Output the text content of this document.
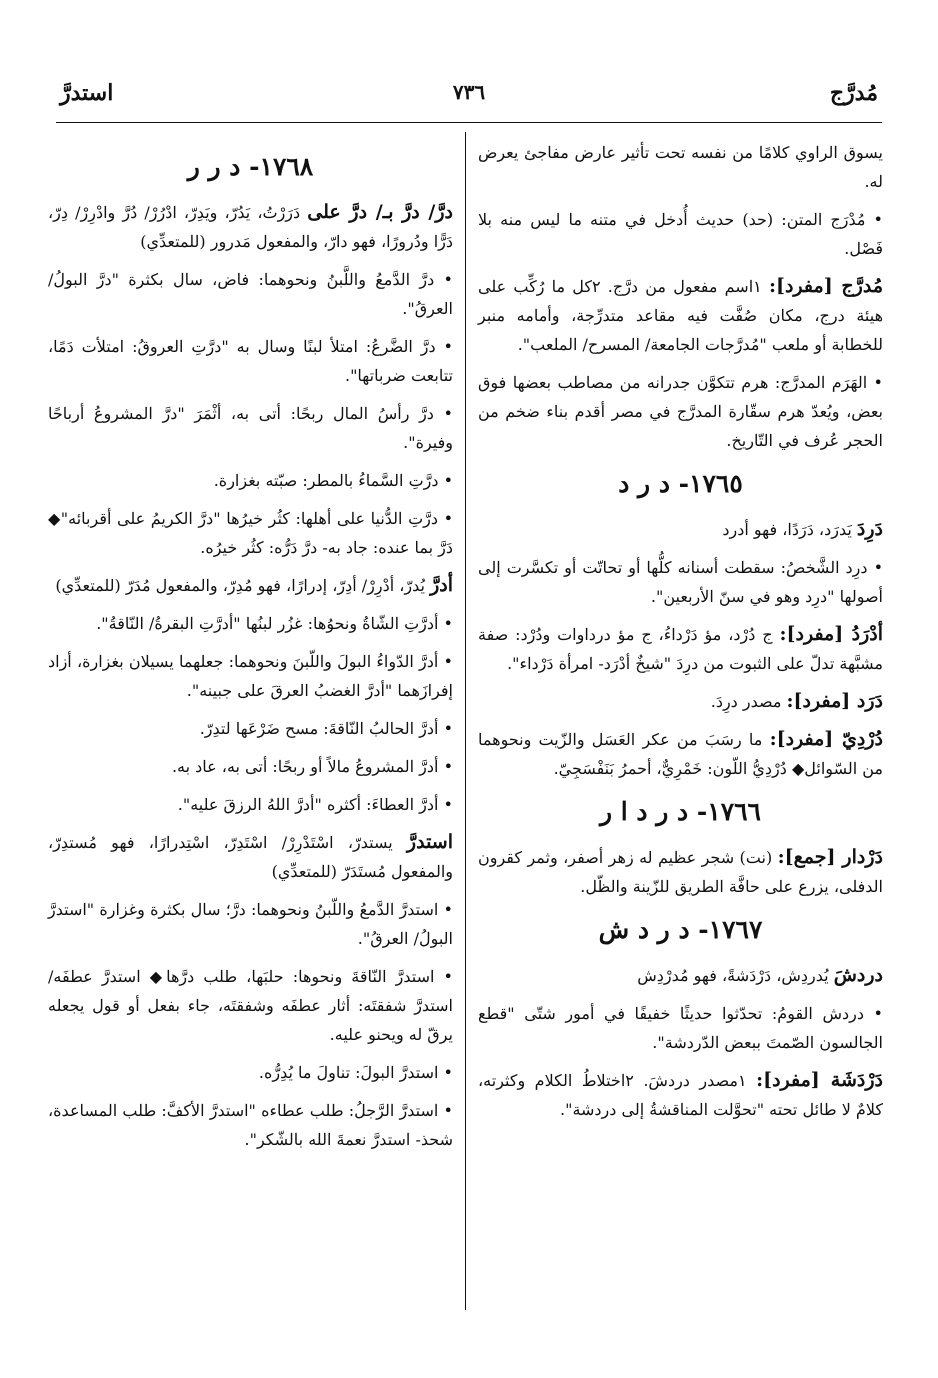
مُدرَّج
٧٣٦
استدرَّ
يسوق الراوي كلامًا من نفسه تحت تأثير عارض مفاجئ يعرض له.
• مُدْرَج المتن: (حد) حديث أُدخل في متنه ما ليس منه بلا فَصْل.
مُدرَّج [مفرد]: ١اسم مفعول من درَّج. ٢كل ما رُكِّب على هيئة درج، مكان صُفَّت فيه مقاعد متدرِّجة، وأمامه منبر للخطابة أو ملعب "مُدرَّجات الجامعة/ المسرح/ الملعب".
• الهَرَم المدرَّج: هرم تتكوَّن جدرانه من مصاطب بعضها فوق بعض، ويُعدّ هرم سقّارة المدرَّج في مصر أقدم بناء ضخم من الحجر عُرف في التّاريخ.
١٧٦٥- د ر د
دَرِدَ يَدرَد، دَرَدًا، فهو أدرد
• درِد الشَّخصُ: سقطت أسنانه كلُّها أو تحاتّت أو تكسَّرت إلى أصولها "درِد وهو في سنّ الأربعين".
أدْرَدُ [مفرد]: ج دُرْد، مؤ دَرْداءُ، ج مؤ درداوات ودُرْد: صفة مشبَّهة تدلّ على الثبوت من درِدَ "شيخٌ أدْرَد- امرأة دَرْداء".
دَرَد [مفرد]: مصدر درِدَ.
دُرْدِيّ [مفرد]: ما رسَبَ من عكر العَسَل والزّيت ونحوهما من السّوائل◆ دُرْدِيُّ اللّون: خَمْرِيٌّ، أحمرُ بَنَفْسَجِيّ.
١٧٦٦- د ر د ا ر
دَرْدار [جمع]: (نت) شجر عظيم له زهر أصفر، وثمر كقرون الدفلى، يزرع على حافَّة الطريق للزّينة والظّل.
١٧٦٧- د ر د ش
دردشَ يُدردِش، دَرْدَشةً، فهو مُدرْدِش
• دردش القومُ: تحدّثوا حديثًا خفيفًا في أمور شتّى "قطع الجالسون الصّمتَ ببعض الدّردشة".
دَرْدَشَة [مفرد]: ١مصدر دردشَ. ٢اختلاطُ الكلام وكثرته، كلامٌ لا طائل تحته "تحوَّلت المناقشةُ إلى دردشة".
١٧٦٨- د ر ر
درَّ/ درَّ بـ/ درَّ على دَرَرْتُ، يَدُرّ، ويَدِرّ، ادْرُرْ/ دُرَّ وادْرِرْ/ دِرّ، دَرًّا ودُرورًا، فهو دارّ، والمفعول مَدرور (للمتعدِّي)
• درَّ الدَّمعُ واللَّبنُ ونحوهما: فاض، سال بكثرة "درَّ البولُ/ العرقُ".
• درَّ الضَّرعُ: امتلأ لبنًا وسال به "درَّتِ العروقُ: امتلأت دَمًا، تتابعت ضرباتها".
• درَّ رأسُ المال ربحًا: أتى به، أثْمَرَ "درَّ المشروعُ أرباحًا وفيرة".
• درَّتِ السَّماءُ بالمطر: صبّته بغزارة.
• درَّتِ الدُّنيا على أهلها: كثُر خيرُها "درَّ الكريمُ على أقربائه"◆ دَرَّ بما عنده: جاد به- درَّ دَرُّه: كثُر خيرُه.
أدرَّ يُدرّ، أدْرِرْ/ أدِرّ، إدرارًا، فهو مُدِرّ، والمفعول مُدَرّ (للمتعدِّي)
• أدرَّتِ الشّاةُ ونحوُها: غزُر لبنُها "أدرَّتِ البقرةُ/ النّاقةُ".
• أدرَّ الدّواءُ البولَ واللّبنَ ونحوهما: جعلهما يسيلان بغزارة، أزاد إفرازَهما "أدرَّ الغضبُ العرقَ على جبينه".
• أدرَّ الحالبُ النّاقةَ: مسح ضَرْعَها لتدِرّ.
• أدرَّ المشروعُ مالاً أو ربحًا: أتى به، عاد به.
• أدرَّ العطاءَ: أكثره "أدرَّ اللهُ الرزقَ عليه".
استدرَّ يستدرّ، اسْتَدْرِرْ/ اسْتَدِرّ، اسْتِدرارًا، فهو مُستدِرّ، والمفعول مُستَدَرّ (للمتعدِّي)
• استدرَّ الدَّمعُ واللّبنُ ونحوهما: درَّ؛ سال بكثرة وغزارة "استدرَّ البولُ/ العرقُ".
• استدرَّ النّاقةَ ونحوها: حلبَها، طلب درَّها◆ استدرَّ عطفَه/ استدرَّ شفقتَه: أثار عطفَه وشفقتَه، جاء بفعل أو قول يجعله يرقّ له ويحنو عليه.
• استدرَّ البولَ: تناولَ ما يُدِرُّه.
• استدرَّ الرَّجلُ: طلب عطاءه "استدرَّ الأكفَّ: طلب المساعدة، شحذ- استدرَّ نعمةَ الله بالشّكر".
